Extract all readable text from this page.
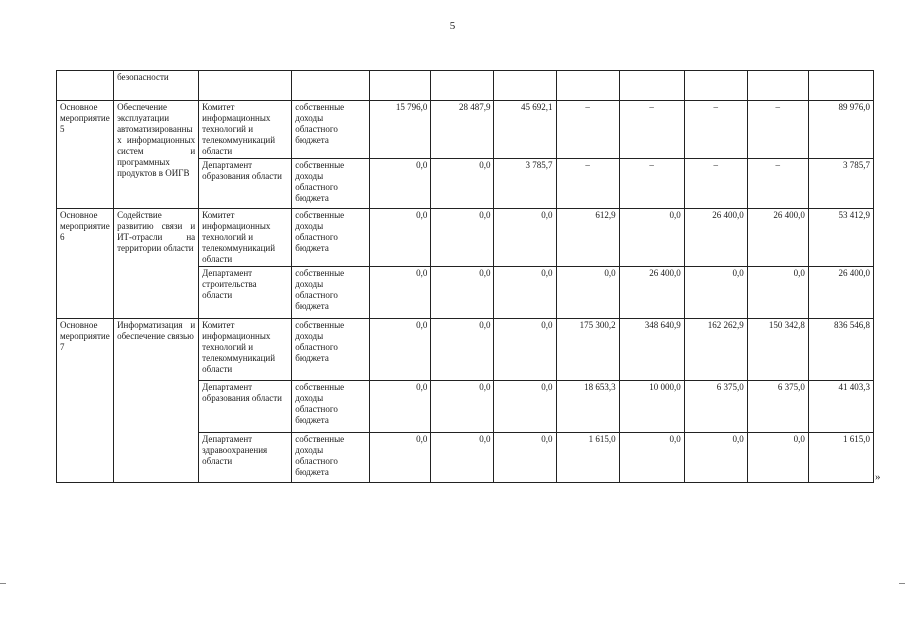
5
	безопасности										
Основное мероприятие 5	Обеспечение эксплуатации автоматизированных информационных систем и программных продуктов в ОИГВ	Комитет информационных технологий и телекоммуникаций области	собственные доходы областного бюджета	15 796,0	28 487,9	45 692,1	–	–	–	–	89 976,0
		Департамент образования области	собственные доходы областного бюджета	0,0	0,0	3 785,7	–	–	–	–	3 785,7
Основное мероприятие 6	Содействие развитию связи и ИТ-отрасли на территории области	Комитет информационных технологий и телекоммуникаций области	собственные доходы областного бюджета	0,0	0,0	0,0	612,9	0,0	26 400,0	26 400,0	53 412,9
		Департамент строительства области	собственные доходы областного бюджета	0,0	0,0	0,0	0,0	26 400,0	0,0	0,0	26 400,0
Основное мероприятие 7	Информатизация и обеспечение связью	Комитет информационных технологий и телекоммуникаций области	собственные доходы областного бюджета	0,0	0,0	0,0	175 300,2	348 640,9	162 262,9	150 342,8	836 546,8
		Департамент образования области	собственные доходы областного бюджета	0,0	0,0	0,0	18 653,3	10 000,0	6 375,0	6 375,0	41 403,3
		Департамент здравоохранения области	собственные доходы областного бюджета	0,0	0,0	0,0	1 615,0	0,0	0,0	0,0	1 615,0
»
